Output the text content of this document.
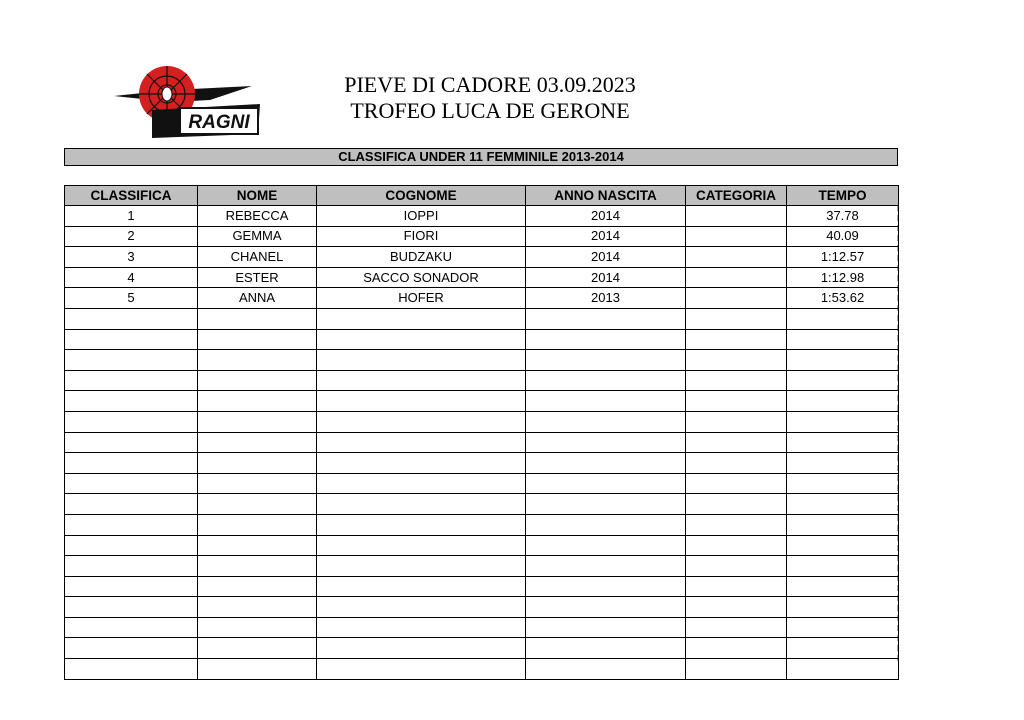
RAGNI
PIEVE DI CADORE 03.09.2023
TROFEO LUCA DE GERONE
CLASSIFICA UNDER 11 FEMMINILE 2013-2014
CLASSIFICA	NOME	COGNOME	ANNO NASCITA	CATEGORIA	TEMPO
1	REBECCA	IOPPI	2014		37.78
2	GEMMA	FIORI	2014		40.09
3	CHANEL	BUDZAKU	2014		1:12.57
4	ESTER	SACCO SONADOR	2014		1:12.98
5	ANNA	HOFER	2013		1:53.62
